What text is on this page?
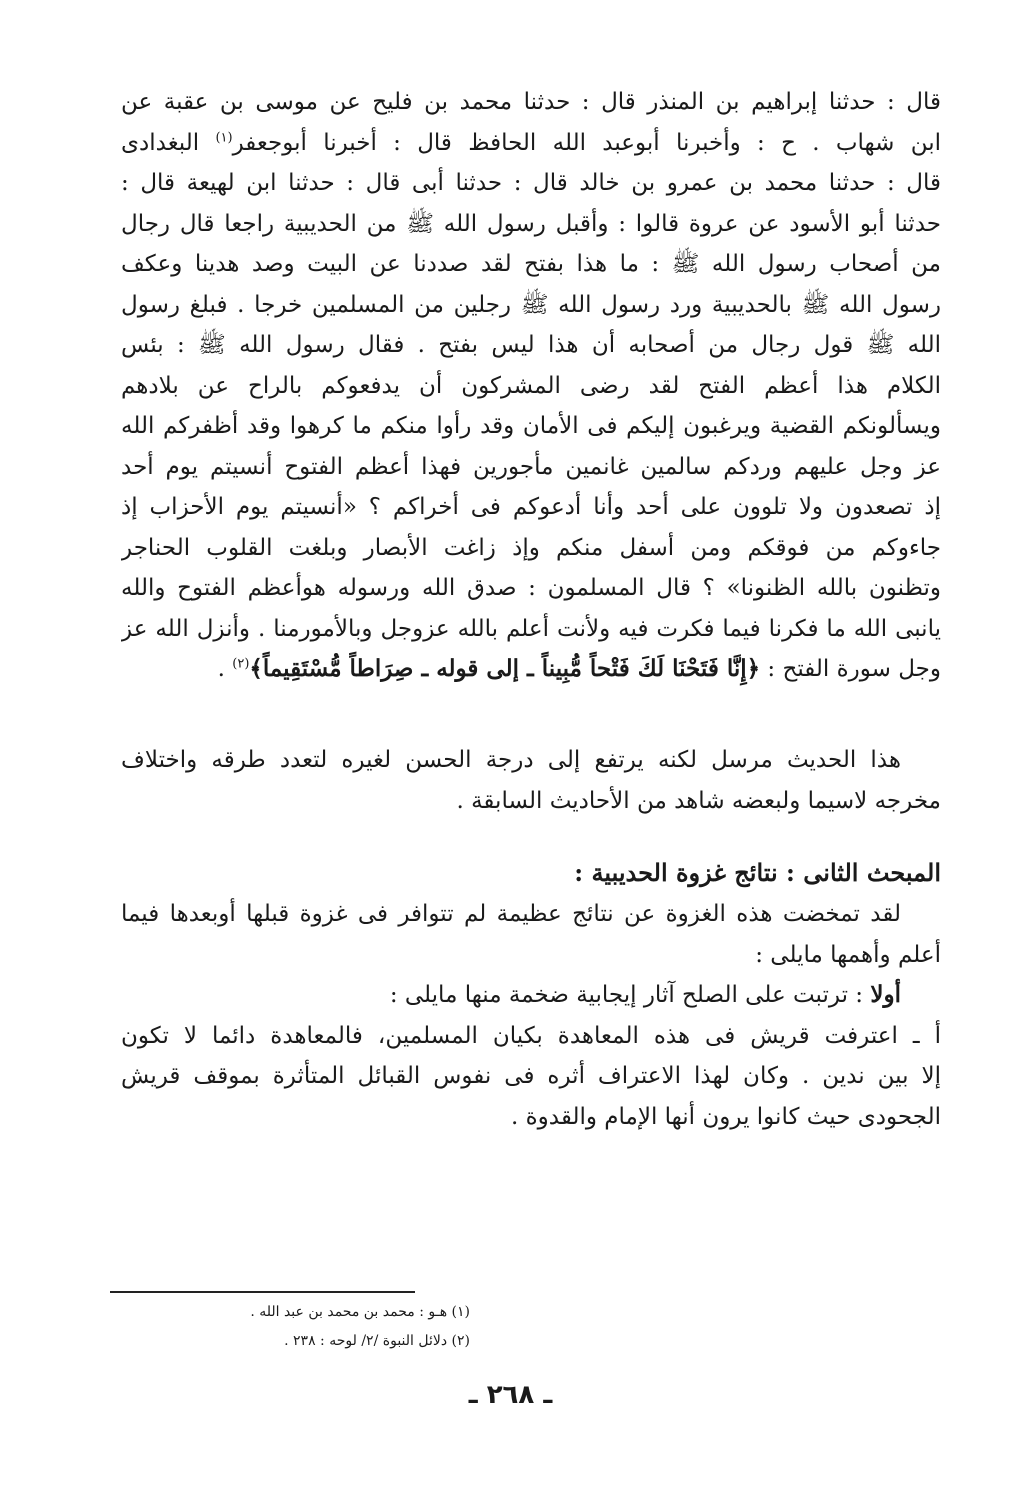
قال : حدثنا إبراهيم بن المنذر قال : حدثنا محمد بن فليح عن موسى بن عقبة عن
ابن شهاب . ح : وأخبرنا أبوعبد الله الحافظ قال : أخبرنا أبوجعفر$^{(١)}$ البغدادى
قال : حدثنا محمد بن عمرو بن خالد قال : حدثنا أبى قال : حدثنا ابن لهيعة قال :
حدثنا أبو الأسود عن عروة قالوا : وأقبل رسول الله ﷺ من الحديبية راجعا قال رجال
من أصحاب رسول الله ﷺ : ما هذا بفتح لقد صددنا عن البيت وصد هدينا وعكف
رسول الله ﷺ بالحديبية ورد رسول الله ﷺ رجلين من المسلمين خرجا . فبلغ رسول
الله ﷺ قول رجال من أصحابه أن هذا ليس بفتح . فقال رسول الله ﷺ : بئس
الكلام هذا أعظم الفتح لقد رضى المشركون أن يدفعوكم بالراح عن بلادهم
ويسألونكم القضية ويرغبون إليكم فى الأمان وقد رأوا منكم ما كرهوا وقد أظفركم الله
عز وجل عليهم وردكم سالمين غانمين مأجورين فهذا أعظم الفتوح أنسيتم يوم أحد
إذ تصعدون ولا تلوون على أحد وأنا أدعوكم فى أخراكم ؟ «أنسيتم يوم الأحزاب إذ
جاءوكم من فوقكم ومن أسفل منكم وإذ زاغت الأبصار وبلغت القلوب الحناجر
وتظنون بالله الظنونا» ؟ قال المسلمون : صدق الله ورسوله هوأعظم الفتوح والله
يانبى الله ما فكرنا فيما فكرت فيه ولأنت أعلم بالله عزوجل وبالأمورمنا . وأنزل الله عز
وجل سورة الفتح : ﴿إِنَّا فَتَحْنَا لَكَ فَتْحاً مُّبِيناً ـ إلى قوله ـ صِرَاطاً مُّسْتَقِيماً﴾$^{(٢)}$ .
هذا الحديث مرسل لكنه يرتفع إلى درجة الحسن لغيره لتعدد طرقه واختلاف
مخرجه لاسيما ولبعضه شاهد من الأحاديث السابقة .
المبحث الثانى : نتائج غزوة الحديبية :
لقد تمخضت هذه الغزوة عن نتائج عظيمة لم تتوافر فى غزوة قبلها أوبعدها فيما
أعلم وأهمها مايلى :
أولا : ترتبت على الصلح آثار إيجابية ضخمة منها مايلى :
أ ـ اعترفت قريش فى هذه المعاهدة بكيان المسلمين، فالمعاهدة دائما لا تكون
إلا بين ندين . وكان لهذا الاعتراف أثره فى نفوس القبائل المتأثرة بموقف قريش
الجحودى حيث كانوا يرون أنها الإمام والقدوة .
(١) هـو : محمد بن محمد بن عبد الله .
(٢) دلائل النبوة /٢/ لوحه : ٢٣٨ .
ـ ٢٦٨ ـ
